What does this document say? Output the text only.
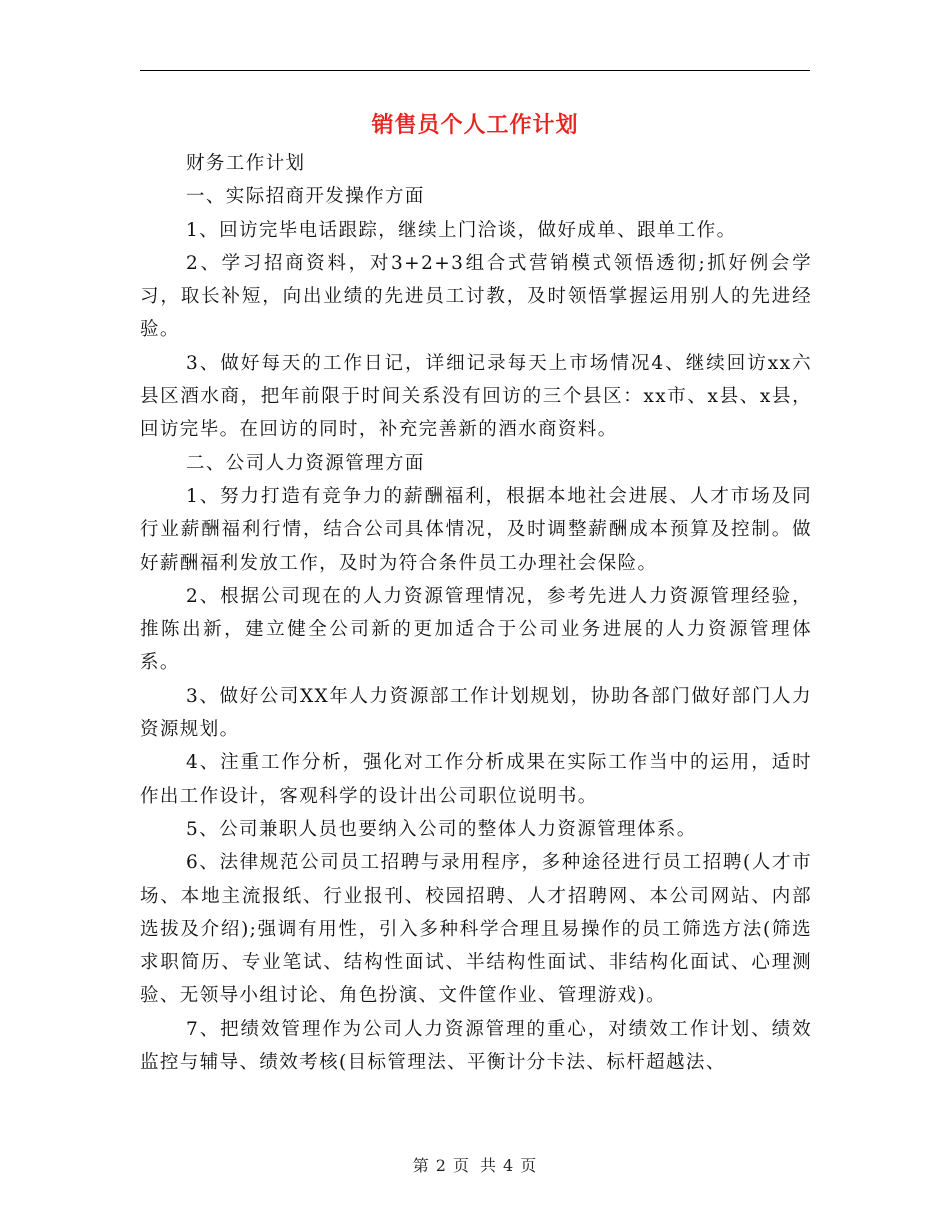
销售员个人工作计划

财务工作计划

一、实际招商开发操作方面

1、回访完毕电话跟踪，继续上门洽谈，做好成单、跟单工作。

2、学习招商资料，对3+2+3组合式营销模式领悟透彻;抓好例会学习，取长补短，向出业绩的先进员工讨教，及时领悟掌握运用别人的先进经验。

3、做好每天的工作日记，详细记录每天上市场情况4、继续回访xx六县区酒水商，把年前限于时间关系没有回访的三个县区：xx市、x县、x县，回访完毕。在回访的同时，补充完善新的酒水商资料。

二、公司人力资源管理方面

1、努力打造有竞争力的薪酬福利，根据本地社会进展、人才市场及同行业薪酬福利行情，结合公司具体情况，及时调整薪酬成本预算及控制。做好薪酬福利发放工作，及时为符合条件员工办理社会保险。

2、根据公司现在的人力资源管理情况，参考先进人力资源管理经验，推陈出新，建立健全公司新的更加适合于公司业务进展的人力资源管理体系。

3、做好公司XX年人力资源部工作计划规划，协助各部门做好部门人力资源规划。

4、注重工作分析，强化对工作分析成果在实际工作当中的运用，适时作出工作设计，客观科学的设计出公司职位说明书。

5、公司兼职人员也要纳入公司的整体人力资源管理体系。

6、法律规范公司员工招聘与录用程序，多种途径进行员工招聘(人才市场、本地主流报纸、行业报刊、校园招聘、人才招聘网、本公司网站、内部选拔及介绍);强调有用性，引入多种科学合理且易操作的员工筛选方法(筛选求职简历、专业笔试、结构性面试、半结构性面试、非结构化面试、心理测验、无领导小组讨论、角色扮演、文件筐作业、管理游戏)。

7、把绩效管理作为公司人力资源管理的重心，对绩效工作计划、绩效监控与辅导、绩效考核(目标管理法、平衡计分卡法、标杆超越法、

第 2 页 共 4 页
